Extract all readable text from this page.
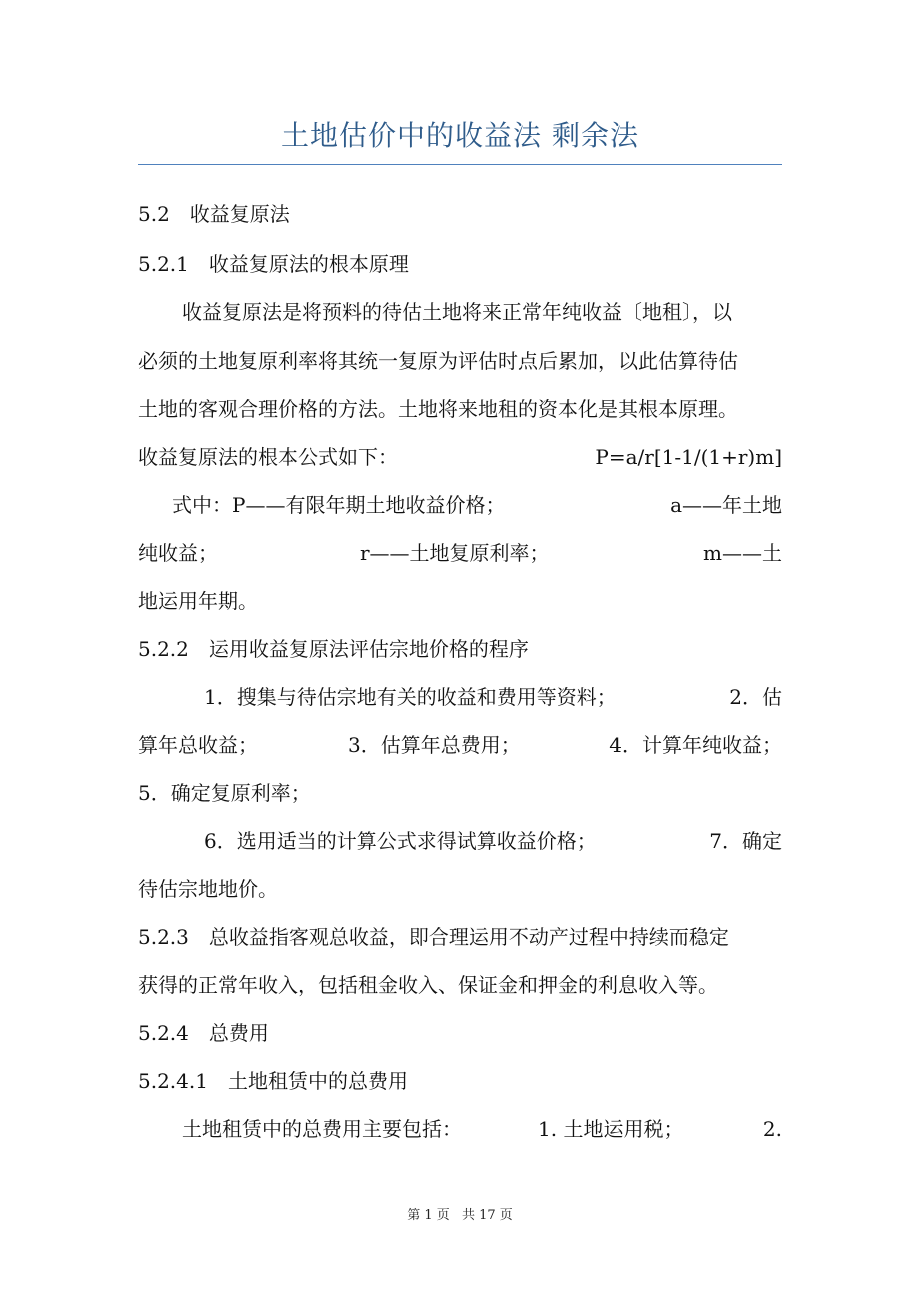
土地估价中的收益法 剩余法
5.2　收益复原法
5.2.1　收益复原法的根本原理
收益复原法是将预料的待估土地将来正常年纯收益〔地租〕，以
必须的土地复原利率将其统一复原为评估时点后累加，以此估算待估
土地的客观合理价格的方法。土地将来地租的资本化是其根本原理。
收益复原法的根本公式如下：	P=a/r[1-1/(1+r)m]
式中：P——有限年期土地收益价格；	a——年土地
纯收益；	r——土地复原利率；	m——土
地运用年期。
5.2.2　运用收益复原法评估宗地价格的程序
1．搜集与待估宗地有关的收益和费用等资料；	2．估
算年总收益；	3．估算年总费用；	4．计算年纯收益；
5．确定复原利率；
6．选用适当的计算公式求得试算收益价格；	7．确定
待估宗地地价。
5.2.3　总收益指客观总收益，即合理运用不动产过程中持续而稳定
获得的正常年收入，包括租金收入、保证金和押金的利息收入等。
5.2.4　总费用
5.2.4.1　土地租赁中的总费用
土地租赁中的总费用主要包括：	1. 土地运用税；	2.
第 1 页 共 17 页
